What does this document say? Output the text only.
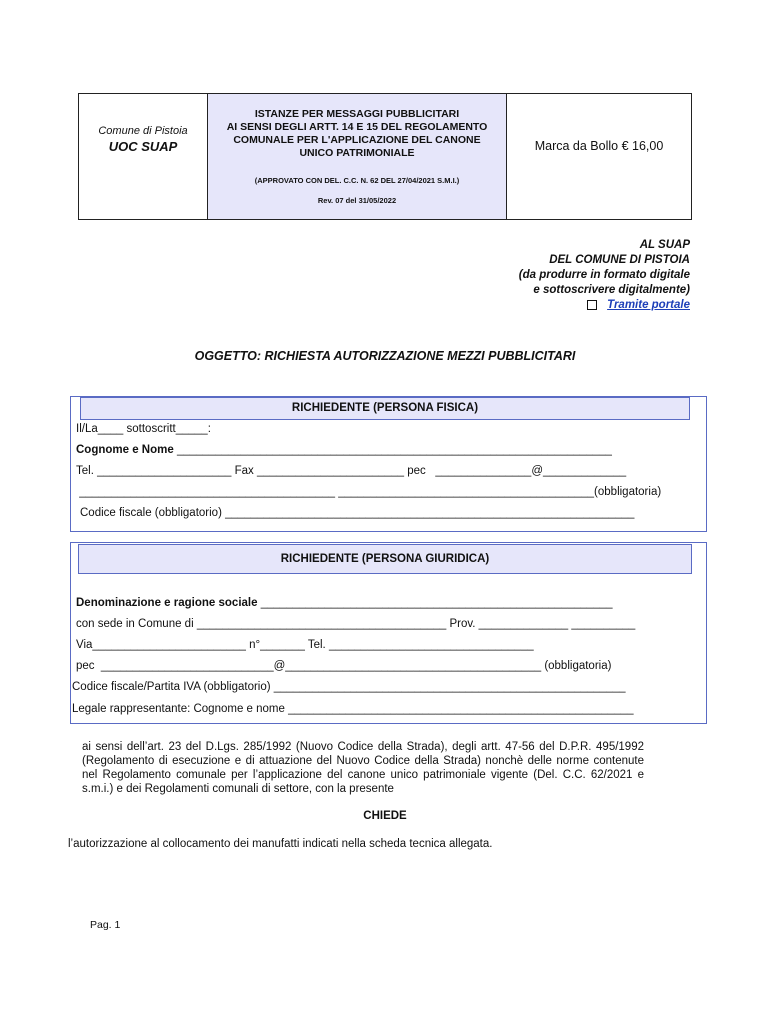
Comune di Pistoia
UOC SUAP
ISTANZE PER MESSAGGI PUBBLICITARI
AI SENSI DEGLI ARTT. 14 E 15 DEL REGOLAMENTO
COMUNALE PER L'APPLICAZIONE DEL CANONE
UNICO PATRIMONIALE
(APPROVATO CON DEL. C.C. N. 62 DEL 27/04/2021 S.M.I.)
Rev. 07 del 31/05/2022
Marca da Bollo € 16,00
AL SUAP
DEL COMUNE DI PISTOIA
(da produrre in formato digitale
e sottoscrivere digitalmente)
Tramite portale
OGGETTO: RICHIESTA AUTORIZZAZIONE MEZZI PUBBLICITARI
RICHIEDENTE (PERSONA FISICA)
Il/La____ sottoscritt_____:
Cognome e Nome ____________________________________________________________________
Tel. _____________________ Fax _______________________ pec   _______________@_____________
________________________________________ ________________________________________(obbligatoria)
Codice fiscale (obbligatorio) ________________________________________________________________
RICHIEDENTE (PERSONA GIURIDICA)
Denominazione e ragione sociale _______________________________________________________
con sede in Comune di _______________________________________ Prov. ______________ __________
Via________________________ n°_______ Tel. ________________________________
pec  ___________________________@________________________________________ (obbligatoria)
Codice fiscale/Partita IVA (obbligatorio) _______________________________________________________
Legale rappresentante: Cognome e nome ______________________________________________________
ai sensi dell’art. 23 del D.Lgs. 285/1992 (Nuovo Codice della Strada), degli artt. 47-56 del D.P.R. 495/1992 (Regolamento di esecuzione e di attuazione del Nuovo Codice della Strada) nonchè delle norme contenute nel Regolamento comunale per l’applicazione del canone unico patrimoniale vigente (Del. C.C. 62/2021 e s.m.i.) e dei Regolamenti comunali di settore, con la presente
CHIEDE
l’autorizzazione al collocamento dei manufatti indicati nella scheda tecnica allegata.
Pag. 1
